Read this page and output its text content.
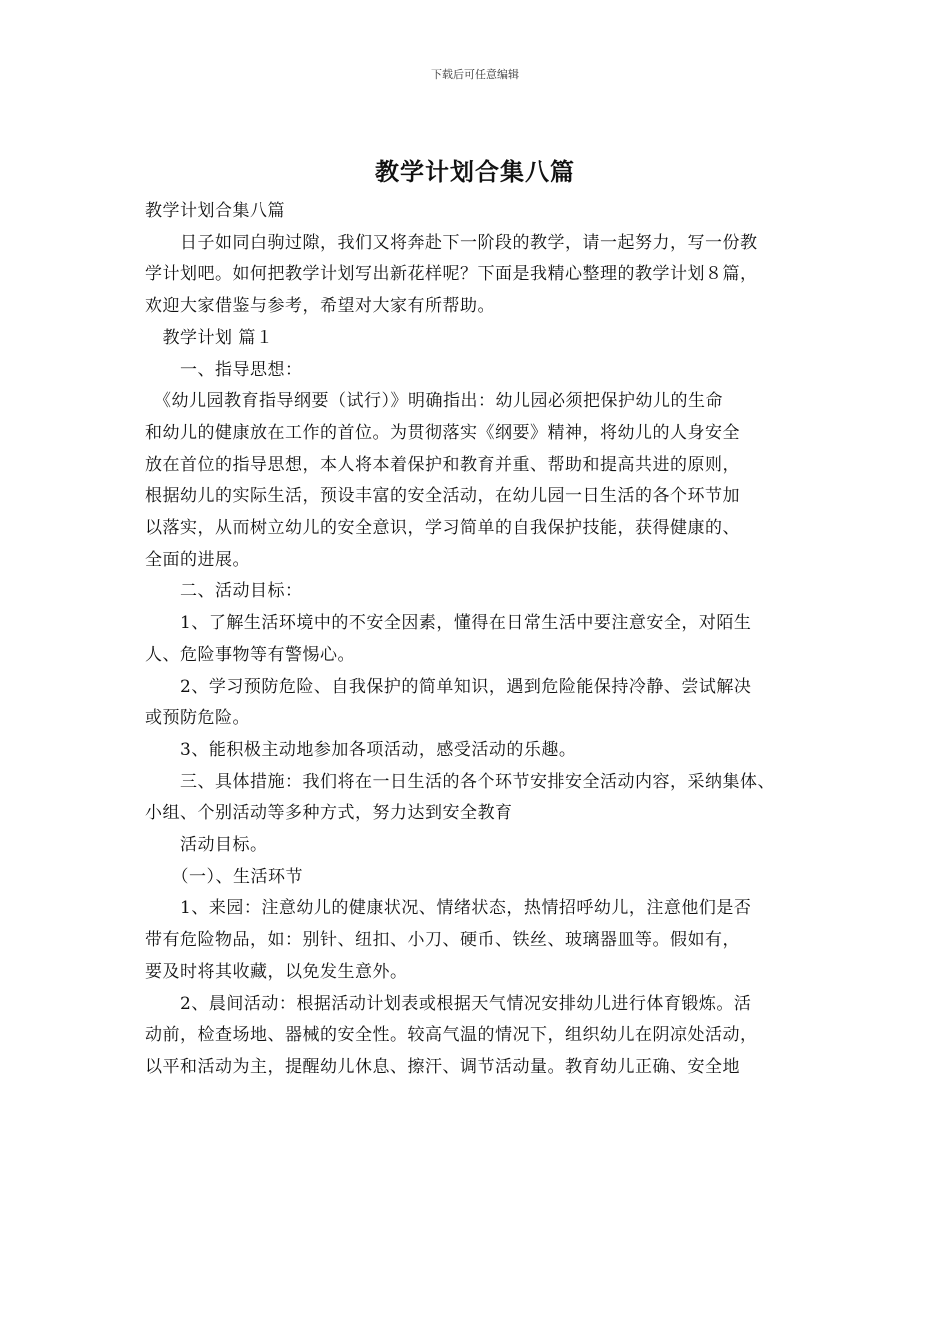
下载后可任意编辑
教学计划合集八篇

教学计划合集八篇

　　日子如同白驹过隙，我们又将奔赴下一阶段的教学，请一起努力，写一份教

学计划吧。如何把教学计划写出新花样呢？下面是我精心整理的教学计划８篇，

欢迎大家借鉴与参考，希望对大家有所帮助。

　教学计划 篇１

　　一、指导思想：

　《幼儿园教育指导纲要（试行）》明确指出：幼儿园必须把保护幼儿的生命

和幼儿的健康放在工作的首位。为贯彻落实《纲要》精神，将幼儿的人身安全

放在首位的指导思想，本人将本着保护和教育并重、帮助和提高共进的原则，

根据幼儿的实际生活，预设丰富的安全活动，在幼儿园一日生活的各个环节加

以落实，从而树立幼儿的安全意识，学习简单的自我保护技能，获得健康的、

全面的进展。

　　二、活动目标：

　　1、了解生活环境中的不安全因素，懂得在日常生活中要注意安全，对陌生

人、危险事物等有警惕心。

　　2、学习预防危险、自我保护的简单知识，遇到危险能保持冷静、尝试解决

或预防危险。

　　3、能积极主动地参加各项活动，感受活动的乐趣。

　　三、具体措施：我们将在一日生活的各个环节安排安全活动内容，采纳集体、

小组、个别活动等多种方式，努力达到安全教育

　　活动目标。

　　（一）、生活环节

　　1、来园：注意幼儿的健康状况、情绪状态，热情招呼幼儿，注意他们是否

带有危险物品，如：别针、纽扣、小刀、硬币、铁丝、玻璃器皿等。假如有，

要及时将其收藏，以免发生意外。

　　2、晨间活动：根据活动计划表或根据天气情况安排幼儿进行体育锻炼。活

动前，检查场地、器械的安全性。较高气温的情况下，组织幼儿在阴凉处活动，

以平和活动为主，提醒幼儿休息、擦汗、调节活动量。教育幼儿正确、安全地
